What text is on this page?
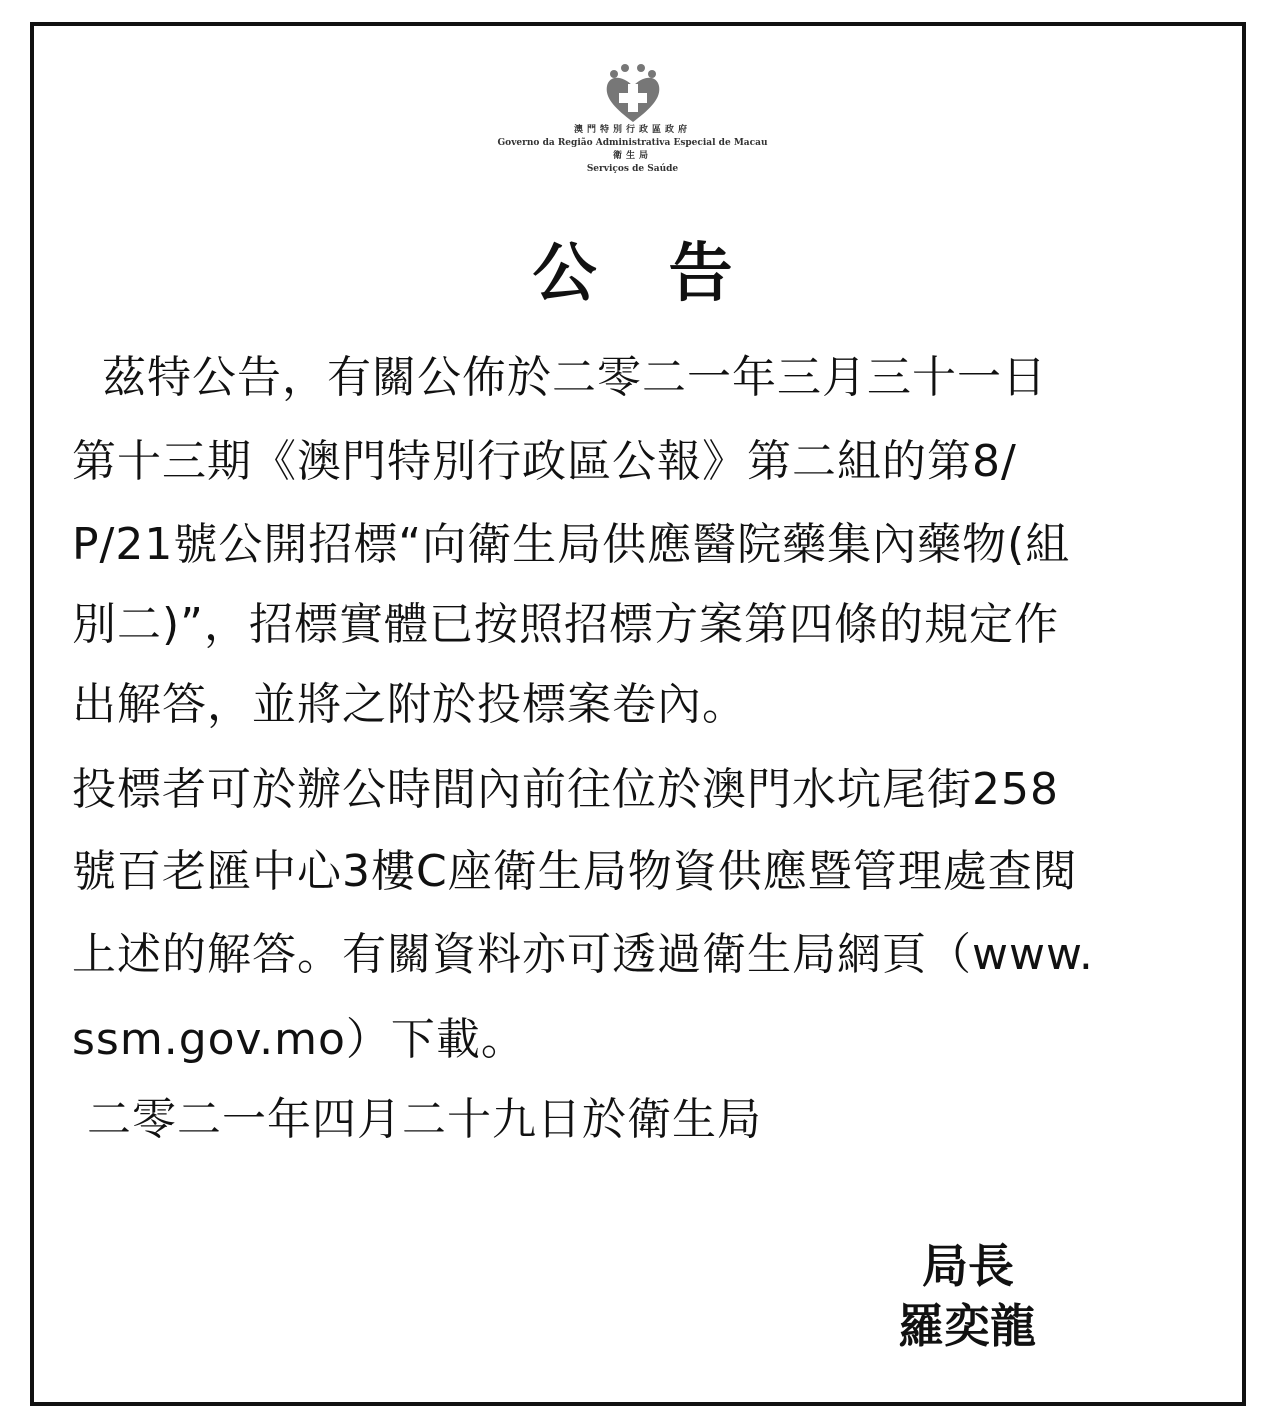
澳門特別行政區政府
Governo da Região Administrativa Especial de Macau
衛生局
Serviços de Saúde
公 告
茲特公告，有關公佈於二零二一年三月三十一日
第十三期《澳門特別行政區公報》第二組的第8/
P/21號公開招標“向衛生局供應醫院藥集內藥物(組
別二)”，招標實體已按照招標方案第四條的規定作
出解答，並將之附於投標案卷內。
投標者可於辦公時間內前往位於澳門水坑尾街258
號百老匯中心3樓C座衛生局物資供應暨管理處查閱
上述的解答。有關資料亦可透過衛生局網頁（www.
ssm.gov.mo）下載。
二零二一年四月二十九日於衛生局
局長
羅奕龍
